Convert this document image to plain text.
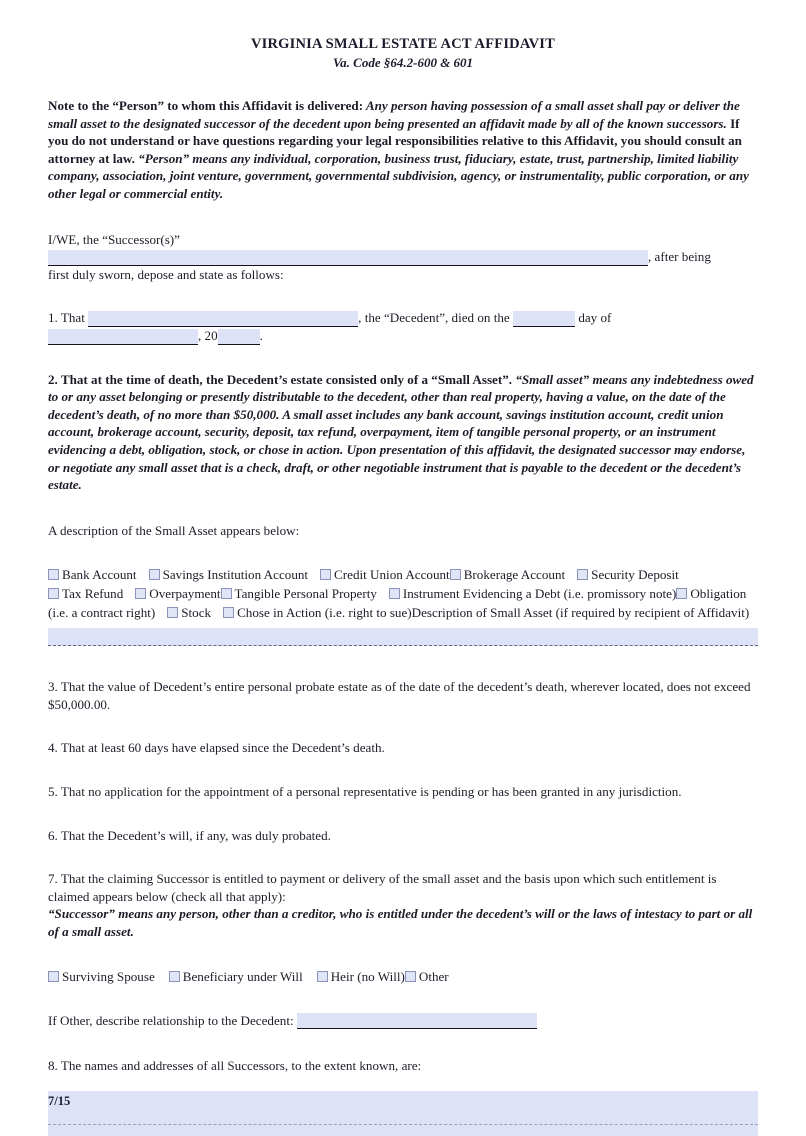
VIRGINIA SMALL ESTATE ACT AFFIDAVIT
Va. Code §64.2-600 & 601
Note to the “Person” to whom this Affidavit is delivered: Any person having possession of a small asset shall pay or deliver the small asset to the designated successor of the decedent upon being presented an affidavit made by all of the known successors. If you do not understand or have questions regarding your legal responsibilities relative to this Affidavit, you should consult an attorney at law. “Person” means any individual, corporation, business trust, fiduciary, estate, trust, partnership, limited liability company, association, joint venture, government, governmental subdivision, agency, or instrumentality, public corporation, or any other legal or commercial entity.
I/WE, the “Successor(s)”
, after being
first duly sworn, depose and state as follows:
1. That	, the “Decedent”, died on the	day of
, 20	.
2. That at the time of death, the Decedent’s estate consisted only of a “Small Asset”. “Small asset” means any indebtedness owed to or any asset belonging or presently distributable to the decedent, other than real property, having a value, on the date of the decedent’s death, of no more than $50,000. A small asset includes any bank account, savings institution account, credit union account, brokerage account, security, deposit, tax refund, overpayment, item of tangible personal property, or an instrument evidencing a debt, obligation, stock, or chose in action. Upon presentation of this affidavit, the designated successor may endorse, or negotiate any small asset that is a check, draft, or other negotiable instrument that is payable to the decedent or the decedent’s estate.
A description of the Small Asset appears below:
Bank Account Savings Institution Account Credit Union Account Brokerage Account Security DepositTax Refund Overpayment Tangible Personal Property Instrument Evidencing a Debt (i.e. promissory note) Obligation (i.e. a contract right) Stock Chose in Action (i.e. right to sue)Description of Small Asset (if required by recipient of Affidavit)
3. That the value of Decedent’s entire personal probate estate as of the date of the decedent’s death, wherever located, does not exceed $50,000.00.
4. That at least 60 days have elapsed since the Decedent’s death.
5. That no application for the appointment of a personal representative is pending or has been granted in any jurisdiction.
6. That the Decedent’s will, if any, was duly probated.
7. That the claiming Successor is entitled to payment or delivery of the small asset and the basis upon which such entitlement is claimed appears below (check all that apply):
“Successor” means any person, other than a creditor, who is entitled under the decedent’s will or the laws of intestacy to part or all of a small asset.
Surviving Spouse Beneficiary under Will Heir (no Will) Other
If Other, describe relationship to the Decedent:
8. The names and addresses of all Successors, to the extent known, are:
7/15
